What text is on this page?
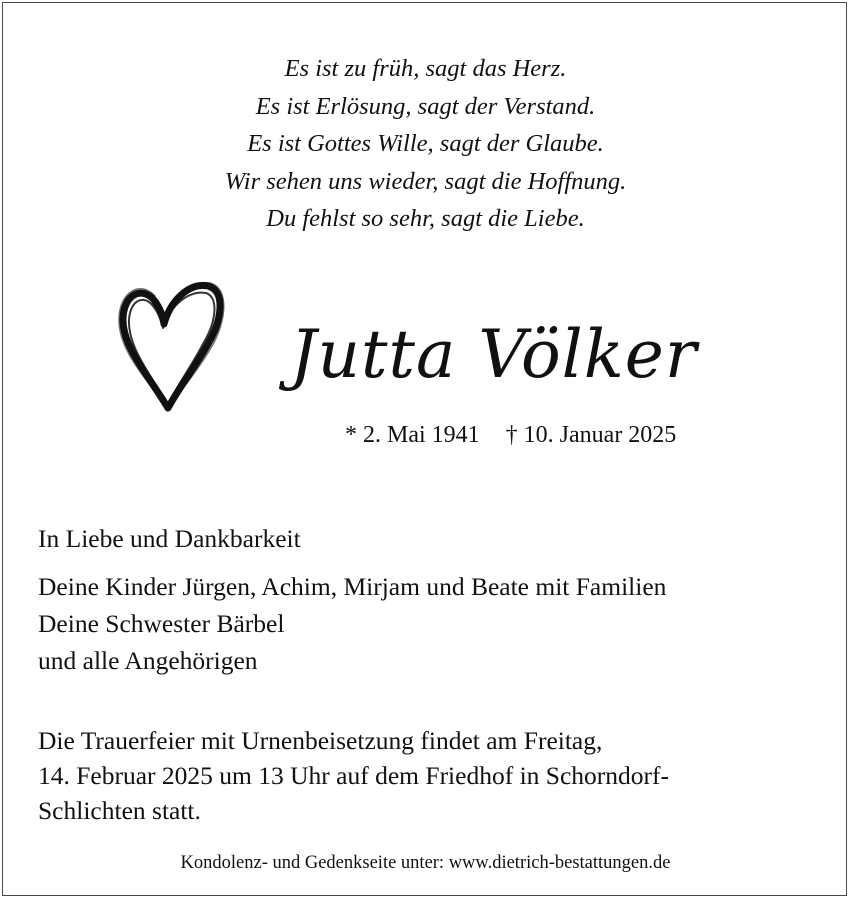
Es ist zu früh, sagt das Herz.
Es ist Erlösung, sagt der Verstand.
Es ist Gottes Wille, sagt der Glaube.
Wir sehen uns wieder, sagt die Hoffnung.
Du fehlst so sehr, sagt die Liebe.
Jutta Völker
* 2. Mai 1941 † 10. Januar 2025
In Liebe und Dankbarkeit
Deine Kinder Jürgen, Achim, Mirjam und Beate mit Familien
Deine Schwester Bärbel
und alle Angehörigen
Die Trauerfeier mit Urnenbeisetzung findet am Freitag,
14. Februar 2025 um 13 Uhr auf dem Friedhof in Schorndorf-
Schlichten statt.
Kondolenz- und Gedenkseite unter: www.dietrich-bestattungen.de
